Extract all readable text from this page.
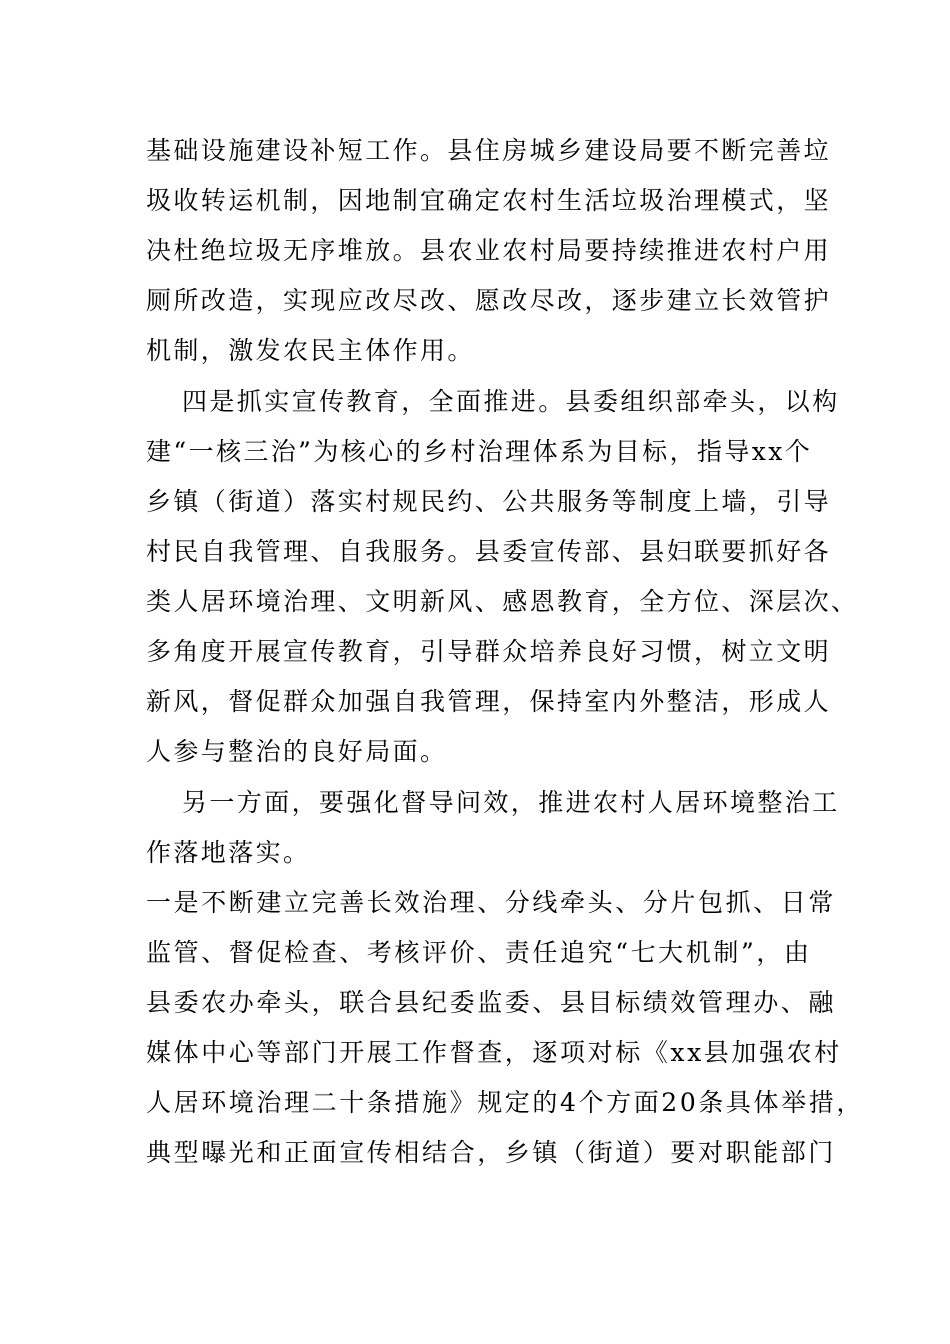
基础设施建设补短工作。县住房城乡建设局要不断完善垃
圾收转运机制，因地制宜确定农村生活垃圾治理模式，坚
决杜绝垃圾无序堆放。县农业农村局要持续推进农村户用
厕所改造，实现应改尽改、愿改尽改，逐步建立长效管护
机制，激发农民主体作用。
四是抓实宣传教育，全面推进。县委组织部牵头，以构
建“一核三治”为核心的乡村治理体系为目标，指导xx个
乡镇（街道）落实村规民约、公共服务等制度上墙，引导
村民自我管理、自我服务。县委宣传部、县妇联要抓好各
类人居环境治理、文明新风、感恩教育，全方位、深层次、
多角度开展宣传教育，引导群众培养良好习惯，树立文明
新风，督促群众加强自我管理，保持室内外整洁，形成人
人参与整治的良好局面。
另一方面，要强化督导问效，推进农村人居环境整治工
作落地落实。
一是不断建立完善长效治理、分线牵头、分片包抓、日常
监管、督促检查、考核评价、责任追究“七大机制”，由
县委农办牵头，联合县纪委监委、县目标绩效管理办、融
媒体中心等部门开展工作督查，逐项对标《xx县加强农村
人居环境治理二十条措施》规定的4个方面20条具体举措，
典型曝光和正面宣传相结合，乡镇（街道）要对职能部门
